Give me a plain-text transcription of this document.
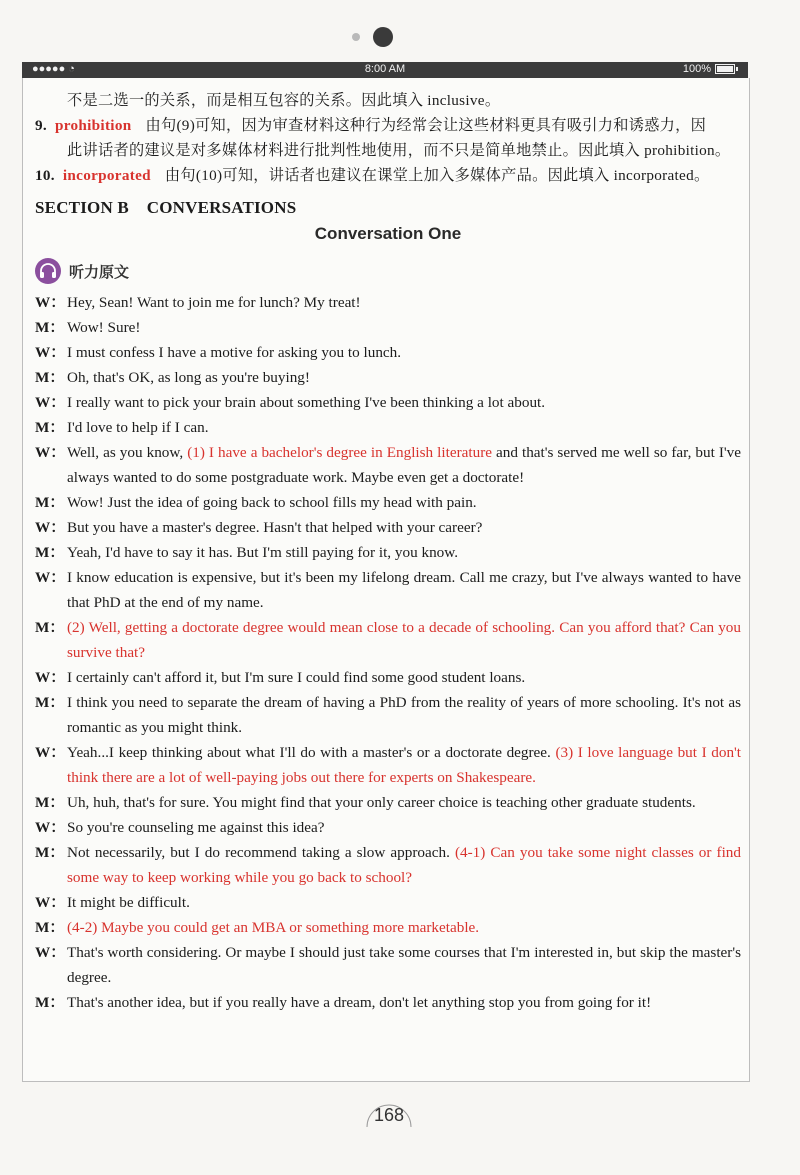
●●●●● ◔	8:00 AM	100%
不是二选一的关系，而是相互包容的关系。因此填入 inclusive。
9. prohibition 由句(9)可知，因为审查材料这种行为经常会让这些材料更具有吸引力和诱惑力，因
此讲话者的建议是对多媒体材料进行批判性地使用，而不只是简单地禁止。因此填入 prohibition。
10. incorporated 由句(10)可知，讲话者也建议在课堂上加入多媒体产品。因此填入 incorporated。
SECTION B    CONVERSATIONS
Conversation One
听力原文
W： Hey, Sean! Want to join me for lunch? My treat!
M： Wow! Sure!
W： I must confess I have a motive for asking you to lunch.
M： Oh, that's OK, as long as you're buying!
W： I really want to pick your brain about something I've been thinking a lot about.
M： I'd love to help if I can.
W： Well, as you know, (1) I have a bachelor's degree in English literature and that's served me well so far, but I've always wanted to do some postgraduate work. Maybe even get a doctorate!
M： Wow! Just the idea of going back to school fills my head with pain.
W： But you have a master's degree. Hasn't that helped with your career?
M： Yeah, I'd have to say it has. But I'm still paying for it, you know.
W： I know education is expensive, but it's been my lifelong dream. Call me crazy, but I've always wanted to have that PhD at the end of my name.
M： (2) Well, getting a doctorate degree would mean close to a decade of schooling. Can you afford that? Can you survive that?
W： I certainly can't afford it, but I'm sure I could find some good student loans.
M： I think you need to separate the dream of having a PhD from the reality of years of more schooling. It's not as romantic as you might think.
W： Yeah...I keep thinking about what I'll do with a master's or a doctorate degree. (3) I love language but I don't think there are a lot of well-paying jobs out there for experts on Shakespeare.
M： Uh, huh, that's for sure. You might find that your only career choice is teaching other graduate students.
W： So you're counseling me against this idea?
M： Not necessarily, but I do recommend taking a slow approach. (4-1) Can you take some night classes or find some way to keep working while you go back to school?
W： It might be difficult.
M： (4-2) Maybe you could get an MBA or something more marketable.
W： That's worth considering. Or maybe I should just take some courses that I'm interested in, but skip the master's degree.
M： That's another idea, but if you really have a dream, don't let anything stop you from going for it!
168
